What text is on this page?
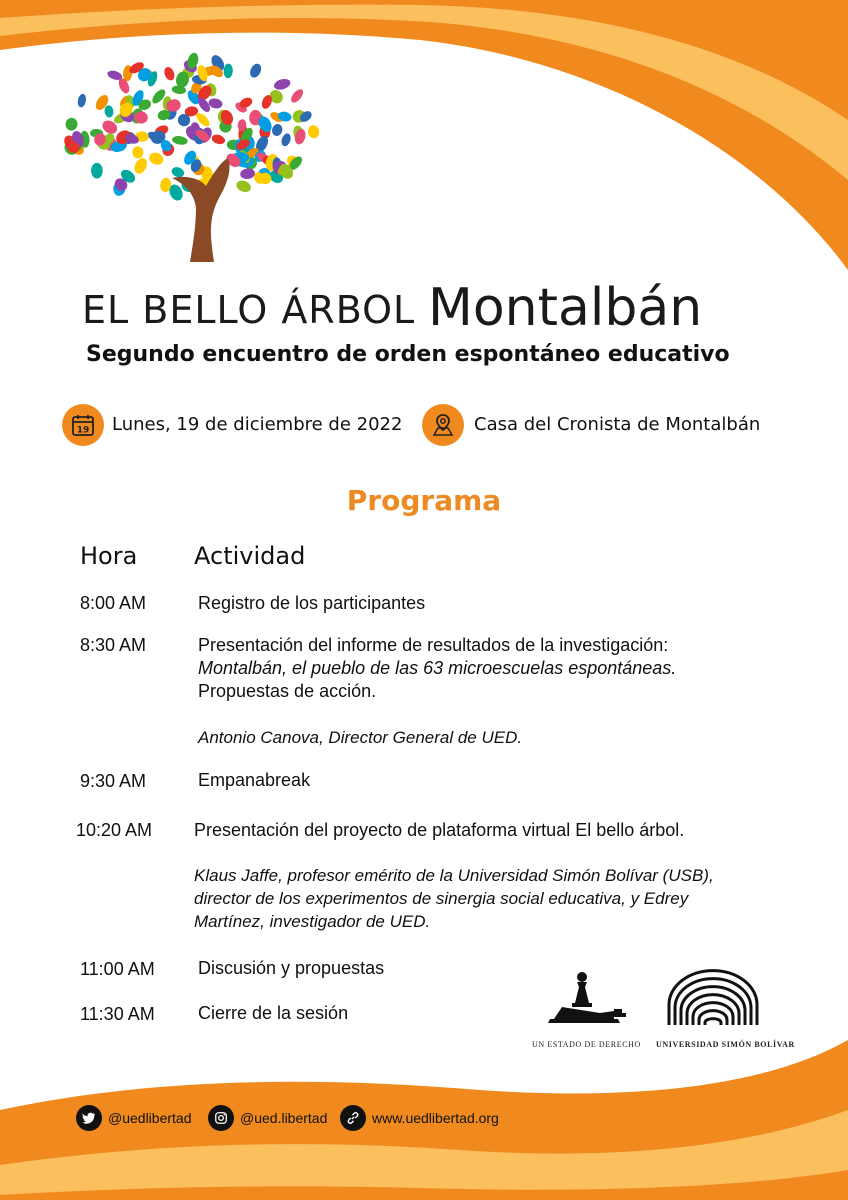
EL BELLO ÁRBOL Montalbán
Segundo encuentro de orden espontáneo educativo
19 Lunes, 19 de diciembre de 2022	Casa del Cronista de Montalbán
Programa
Hora Actividad
8:00 AM	Registro de los participantes
8:30 AM	Presentación del informe de resultados de la investigación:
Montalbán, el pueblo de las 63 microescuelas espontáneas.
Propuestas de acción.
Antonio Canova, Director General de UED.
9:30 AM	Empanabreak
10:20 AM Presentación del proyecto de plataforma virtual El bello árbol.
Klaus Jaffe, profesor emérito de la Universidad Simón Bolívar (USB),
director de los experimentos de sinergia social educativa, y Edrey
Martínez, investigador de UED.
11:00 AM Discusión y propuestas
11:30 AM Cierre de la sesión
UN ESTADO DE DERECHO UNIVERSIDAD SIMÓN BOLÍVAR
@uedlibertad	@ued.libertad	www.uedlibertad.org
